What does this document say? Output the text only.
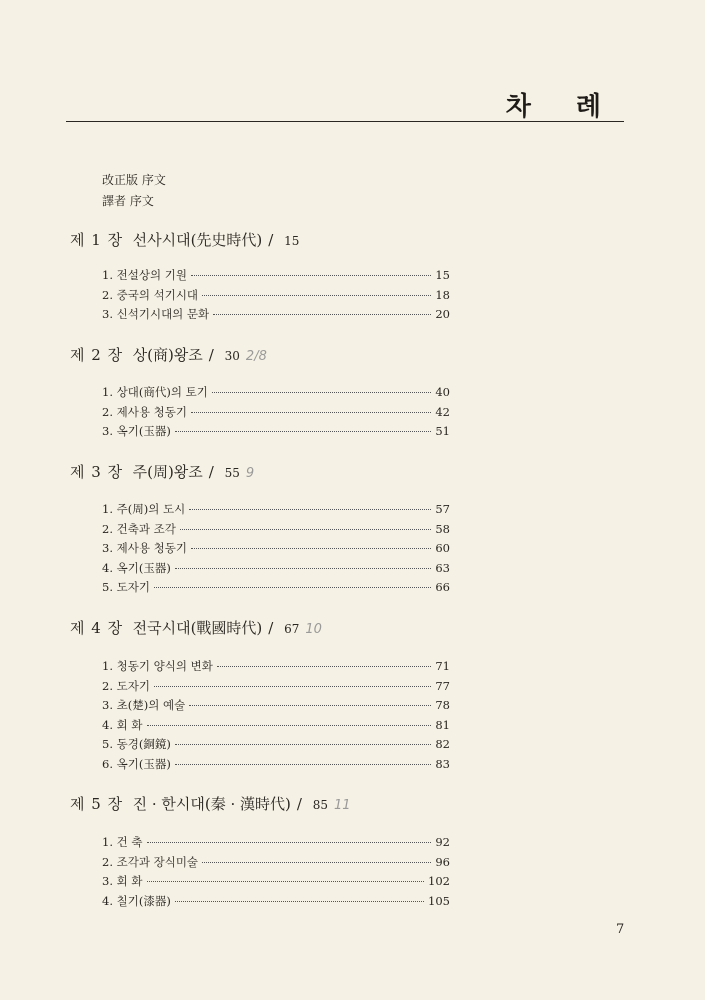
차 례
改正版 序文
譯者 序文
제 1 장 선사시대(先史時代) / 15
1. 전설상의 기원	15
2. 중국의 석기시대	18
3. 신석기시대의 문화	20
제 2 장 상(商)왕조 / 30 2/8
1. 상대(商代)의 토기	40
2. 제사용 청동기	42
3. 옥기(玉器)	51
제 3 장 주(周)왕조 / 55 9
1. 주(周)의 도시	57
2. 건축과 조각	58
3. 제사용 청동기	60
4. 옥기(玉器)	63
5. 도자기	66
제 4 장 전국시대(戰國時代) / 67 10
1. 청동기 양식의 변화	71
2. 도자기	77
3. 초(楚)의 예술	78
4. 회 화	81
5. 동경(銅鏡)	82
6. 옥기(玉器)	83
제 5 장 진 · 한시대(秦 · 漢時代) / 85 11
1. 건 축	92
2. 조각과 장식미술	96
3. 회 화	102
4. 칠기(漆器)	105
7
